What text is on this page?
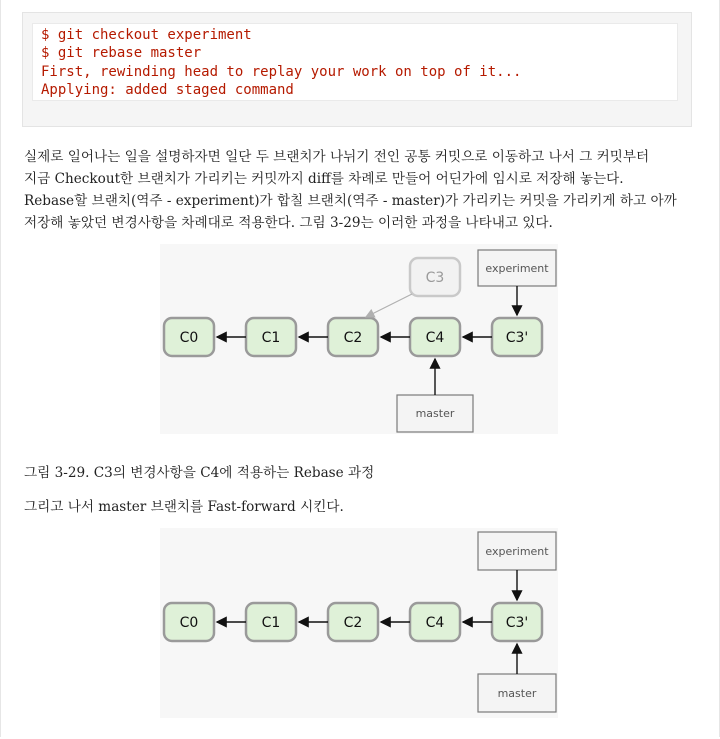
$ git checkout experiment
$ git rebase master
First, rewinding head to replay your work on top of it...
Applying: added staged command
실제로 일어나는 일을 설명하자면 일단 두 브랜치가 나뉘기 전인 공통 커밋으로 이동하고 나서 그 커밋부터
지금 Checkout한 브랜치가 가리키는 커밋까지 diff를 차례로 만들어 어딘가에 임시로 저장해 놓는다.
Rebase할 브랜치(역주 - experiment)가 합칠 브랜치(역주 - master)가 가리키는 커밋을 가리키게 하고 아까
저장해 놓았던 변경사항을 차례대로 적용한다. 그림 3-29는 이러한 과정을 나타내고 있다.
C0	C1	C2	C4	C3'
C3
experiment
master
그림 3-29. C3의 변경사항을 C4에 적용하는 Rebase 과정
그리고 나서 master 브랜치를 Fast-forward 시킨다.
C0	C1	C2	C4	C3'
experiment
master
